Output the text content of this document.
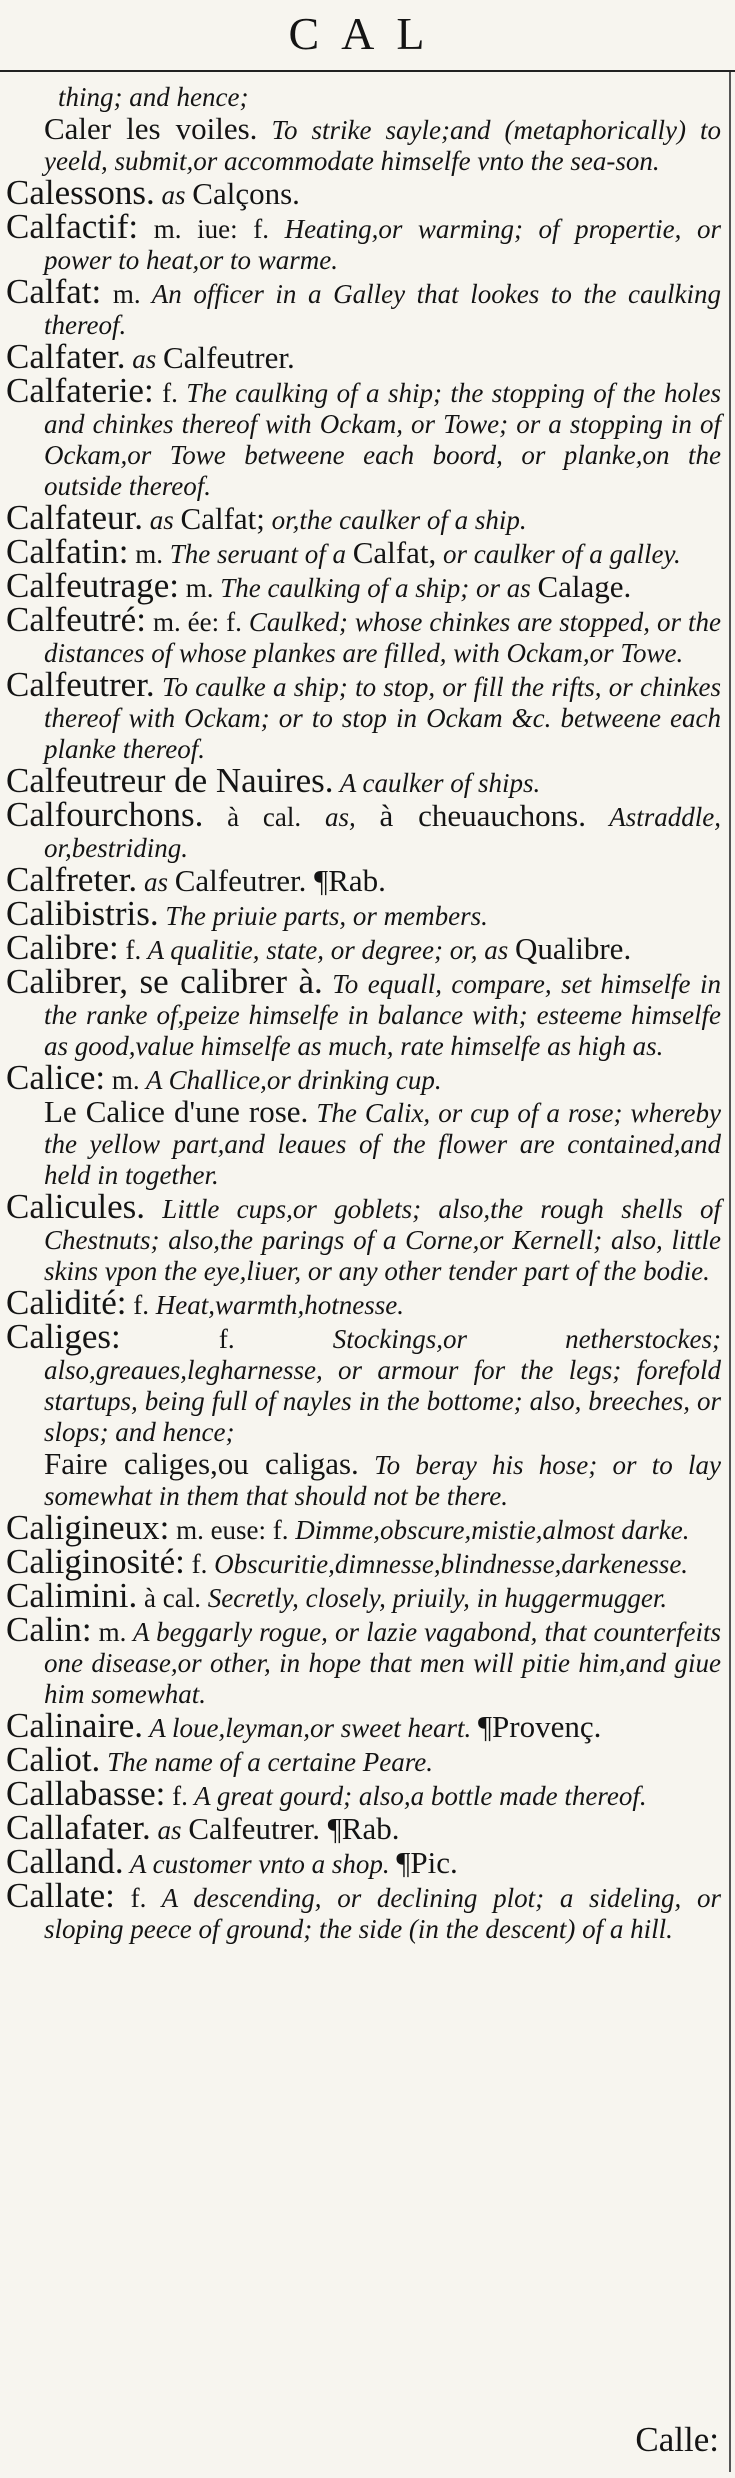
CAL

thing; and hence;

Caler les voiles. To strike sayle;and (metaphorically) to yeeld, submit,or accommodate himselfe vnto the sea-son.

Calessons. as Calçons.

Calfactif: m. iue: f. Heating,or warming; of propertie, or power to heat,or to warme.

Calfat: m. An officer in a Galley that lookes to the caulking thereof.

Calfater. as Calfeutrer.

Calfaterie: f. The caulking of a ship; the stopping of the holes and chinkes thereof with Ockam, or Towe; or a stopping in of Ockam,or Towe betweene each boord, or planke,on the outside thereof.

Calfateur. as Calfat; or,the caulker of a ship.

Calfatin: m. The seruant of a Calfat, or caulker of a galley.

Calfeutrage: m. The caulking of a ship; or as Calage.

Calfeutré: m. ée: f. Caulked; whose chinkes are stopped, or the distances of whose plankes are filled, with Ockam,or Towe.

Calfeutrer. To caulke a ship; to stop, or fill the rifts, or chinkes thereof with Ockam; or to stop in Ockam &c. betweene each planke thereof.

Calfeutreur de Nauires. A caulker of ships.

Calfourchons. à cal. as, à cheuauchons. Astraddle, or,bestriding.

Calfreter. as Calfeutrer. ¶Rab.

Calibistris. The priuie parts, or members.

Calibre: f. A qualitie, state, or degree; or, as Qualibre.

Calibrer, se calibrer à. To equall, compare, set himselfe in the ranke of,peize himselfe in balance with; esteeme himselfe as good,value himselfe as much, rate himselfe as high as.

Calice: m. A Challice,or drinking cup.

Le Calice d'une rose. The Calix, or cup of a rose; whereby the yellow part,and leaues of the flower are contained,and held in together.

Calicules. Little cups,or goblets; also,the rough shells of Chestnuts; also,the parings of a Corne,or Kernell; also, little skins vpon the eye,liuer, or any other tender part of the bodie.

Calidité: f. Heat,warmth,hotnesse.

Caliges:	f.	Stockings,or netherstockes; also,greaues,legharnesse, or armour for the legs; forefold startups, being full of nayles in the bottome; also, breeches, or slops; and hence;

Faire caliges,ou caligas. To beray his hose; or to lay somewhat in them that should not be there.

Caligineux: m. euse: f. Dimme,obscure,mistie,almost darke.

Caliginosité: f. Obscuritie,dimnesse,blindnesse,darkenesse.

Calimini. à cal. Secretly, closely, priuily, in huggermugger.

Calin: m. A beggarly rogue, or lazie vagabond, that counterfeits one disease,or other, in hope that men will pitie him,and giue him somewhat.

Calinaire. A loue,leyman,or sweet heart. ¶Provenç.

Caliot. The name of a certaine Peare.

Callabasse: f. A great gourd; also,a bottle made thereof.

Callafater. as Calfeutrer. ¶Rab.

Calland. A customer vnto a shop. ¶Pic.

Callate: f. A descending, or declining plot; a sideling, or sloping peece of ground; the side (in the descent) of a hill.

Calle:
